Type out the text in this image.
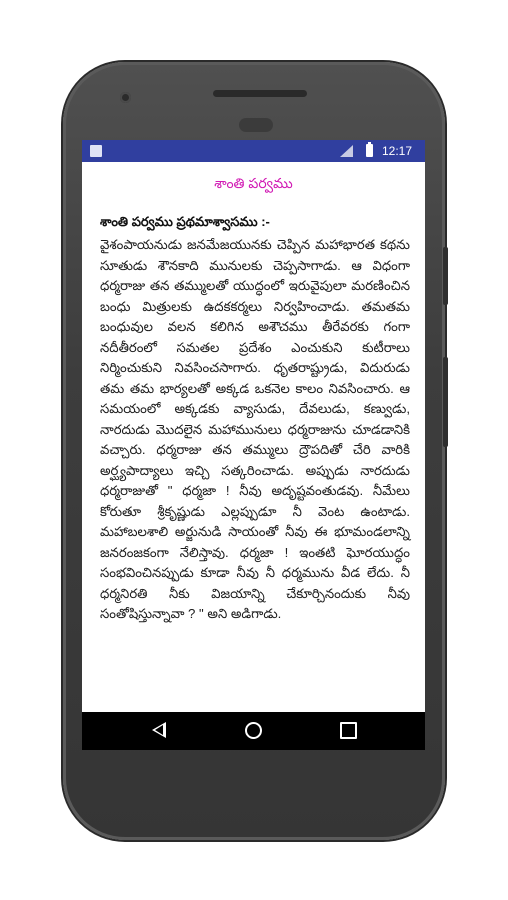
12:17
శాంతి పర్వము
శాంతి పర్వము ప్రథమాశ్వాసము :-
వైశంపాయనుడు జనమేజయునకు చెప్పిన మహాభారత కథను సూతుడు శౌనకాది మునులకు చెప్పసాగాడు. ఆ విధంగా ధర్మరాజు తన తమ్ములతో యుద్ధంలో ఇరువైపులా మరణించిన బంధు మిత్రులకు ఉదకకర్మలు నిర్వహించాడు. తమతమ బంధువుల వలన కలిగిన అశౌచము తీరేవరకు గంగా నదీతీరంలో సమతల ప్రదేశం ఎంచుకుని కుటీరాలు నిర్మించుకుని నివసించసాగారు. ధృతరాష్ట్రుడు, విదురుడు తమ తమ భార్యలతో అక్కడ ఒకనెల కాలం నివసించారు. ఆ సమయంలో అక్కడకు వ్యాసుడు, దేవలుడు, కణ్వుడు, నారదుడు మొదలైన మహామునులు ధర్మరాజును చూడడానికి వచ్చారు. ధర్మరాజు తన తమ్ములు ద్రౌపదితో చేరి వారికి అర్ఘ్యపాద్యాలు ఇచ్చి సత్కరించాడు. అప్పుడు నారదుడు ధర్మరాజుతో " ధర్మజా ! నీవు అదృష్టవంతుడవు. నీమేలు కోరుతూ శ్రీకృష్ణుడు ఎల్లప్పుడూ నీ వెంట ఉంటాడు. మహాబలశాలి అర్జునుడి సాయంతో నీవు ఈ భూమండలాన్ని జనరంజకంగా నేలిస్తావు. ధర్మజా ! ఇంతటి ఘోరయుద్ధం సంభవించినప్పుడు కూడా నీవు నీ ధర్మమును వీడ లేదు. నీ ధర్మనిరతి నీకు విజయాన్ని చేకూర్చినందుకు నీవు సంతోషిస్తున్నావా ? " అని అడిగాడు.
